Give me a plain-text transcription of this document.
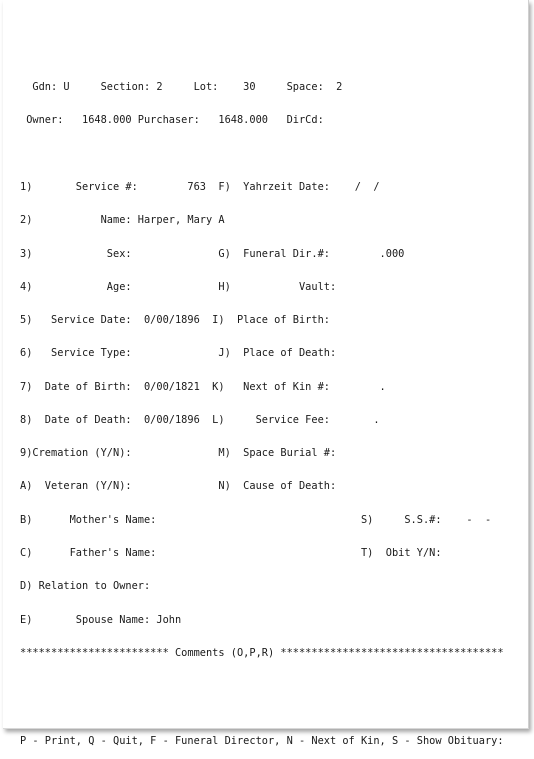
Gdn: U     Section: 2     Lot:    30     Space:  2

Owner:   1648.000 Purchaser:   1648.000   DirCd:

1)       Service #:        763  F)  Yahrzeit Date:    /  /

2)           Name: Harper, Mary A

3)            Sex:              G)  Funeral Dir.#:        .000

4)            Age:              H)           Vault:

5)   Service Date:  0/00/1896  I)  Place of Birth:

6)   Service Type:              J)  Place of Death:

7)  Date of Birth:  0/00/1821  K)   Next of Kin #:        .

8)  Date of Death:  0/00/1896  L)     Service Fee:       .

9)Cremation (Y/N):              M)  Space Burial #:

A)  Veteran (Y/N):              N)  Cause of Death:

B)      Mother's Name:                                 S)     S.S.#:    -  -

C)      Father's Name:                                 T)  Obit Y/N:

D) Relation to Owner:

E)       Spouse Name: John

************************ Comments (O,P,R) ************************************

P - Print, Q - Quit, F - Funeral Director, N - Next of Kin, S - Show Obituary:
